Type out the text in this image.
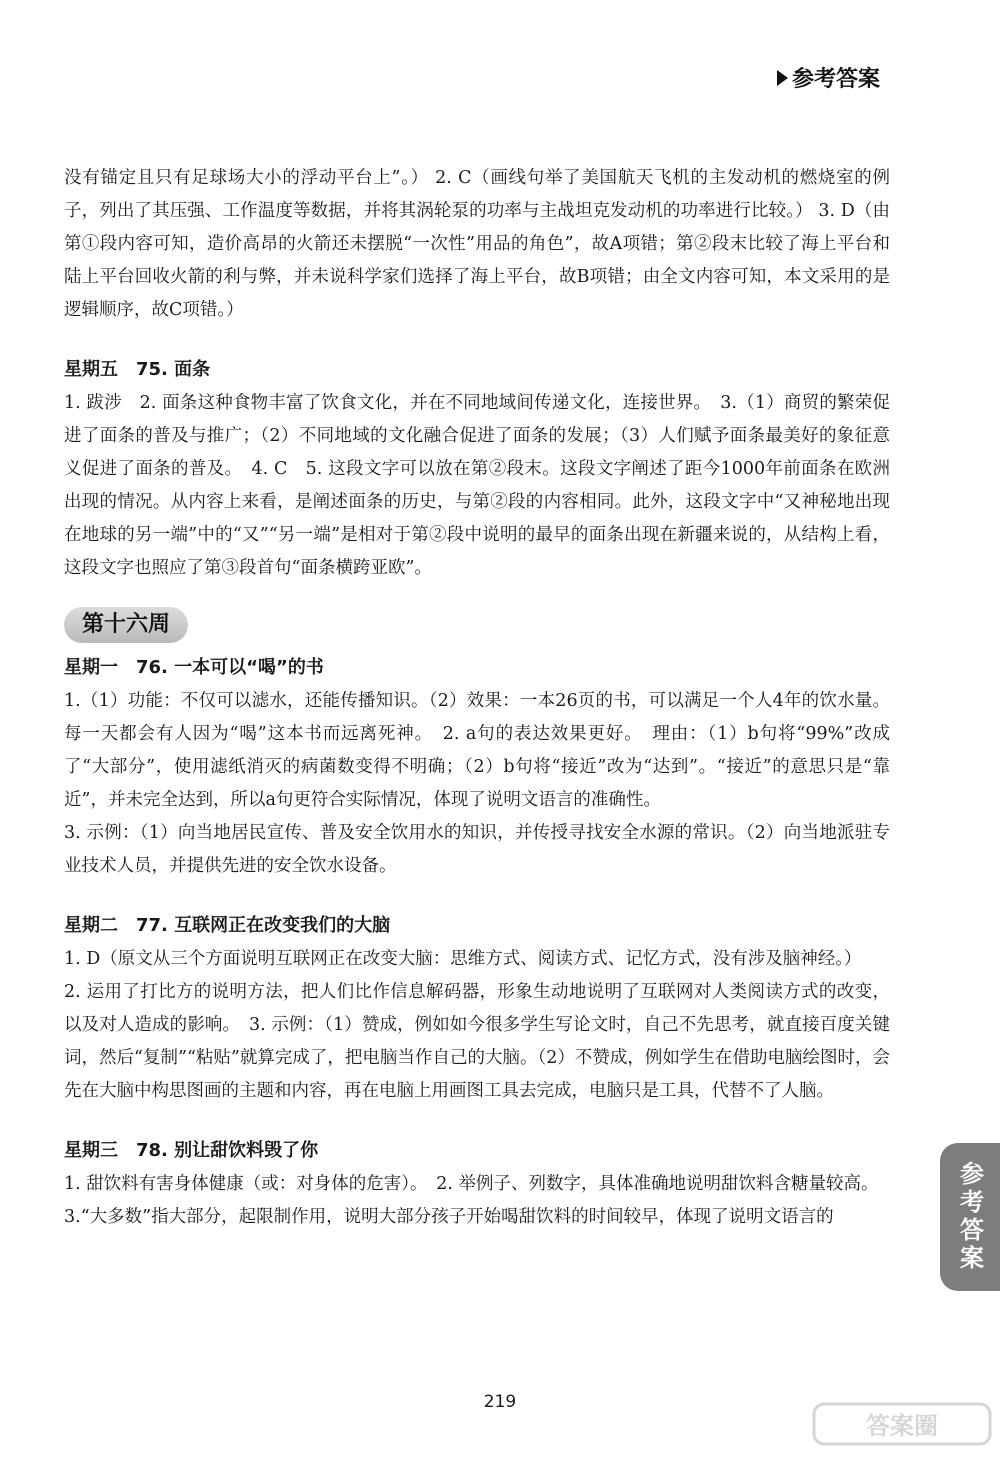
参考答案

没有锚定且只有足球场大小的浮动平台上”。） 2. C（画线句举了美国航天飞机的主发动机的燃烧室的例子，列出了其压强、工作温度等数据，并将其涡轮泵的功率与主战坦克发动机的功率进行比较。） 3. D（由第①段内容可知，造价高昂的火箭还未摆脱“一次性”用品的角色”，故A项错；第②段末比较了海上平台和陆上平台回收火箭的利与弊，并未说科学家们选择了海上平台，故B项错；由全文内容可知，本文采用的是逻辑顺序，故C项错。）

星期五　75. 面条

1. 跋涉　2. 面条这种食物丰富了饮食文化，并在不同地域间传递文化，连接世界。　3.（1）商贸的繁荣促进了面条的普及与推广；（2）不同地域的文化融合促进了面条的发展；（3）人们赋予面条最美好的象征意义促进了面条的普及。　4. C　5. 这段文字可以放在第②段末。这段文字阐述了距今1000年前面条在欧洲出现的情况。从内容上来看，是阐述面条的历史，与第②段的内容相同。此外，这段文字中“又神秘地出现在地球的另一端”中的“又”“另一端”是相对于第②段中说明的最早的面条出现在新疆来说的，从结构上看，这段文字也照应了第③段首句“面条横跨亚欧”。

第十六周
星期一　76. 一本可以“喝”的书

1.（1）功能：不仅可以滤水，还能传播知识。（2）效果：一本26页的书，可以满足一个人4年的饮水量。每一天都会有人因为“喝”这本书而远离死神。　2. a句的表达效果更好。　理由：（1）b句将“99%”改成了“大部分”，使用滤纸消灭的病菌数变得不明确；（2）b句将“接近”改为“达到”。“接近”的意思只是“靠近”，并未完全达到，所以a句更符合实际情况，体现了说明文语言的准确性。

3. 示例：（1）向当地居民宣传、普及安全饮用水的知识，并传授寻找安全水源的常识。（2）向当地派驻专业技术人员，并提供先进的安全饮水设备。

星期二　77. 互联网正在改变我们的大脑

1. D（原文从三个方面说明互联网正在改变大脑：思维方式、阅读方式、记忆方式，没有涉及脑神经。）

2. 运用了打比方的说明方法，把人们比作信息解码器，形象生动地说明了互联网对人类阅读方式的改变，以及对人造成的影响。　3. 示例：（1）赞成，例如如今很多学生写论文时，自己不先思考，就直接百度关键词，然后“复制”“粘贴”就算完成了，把电脑当作自己的大脑。（2）不赞成，例如学生在借助电脑绘图时，会先在大脑中构思图画的主题和内容，再在电脑上用画图工具去完成，电脑只是工具，代替不了人脑。

星期三　78. 别让甜饮料毁了你

1. 甜饮料有害身体健康（或：对身体的危害）。　2. 举例子、列数字，具体准确地说明甜饮料含糖量较高。

3.“大多数”指大部分，起限制作用，说明大部分孩子开始喝甜饮料的时间较早，体现了说明文语言的	参考答案
219
答案圈
